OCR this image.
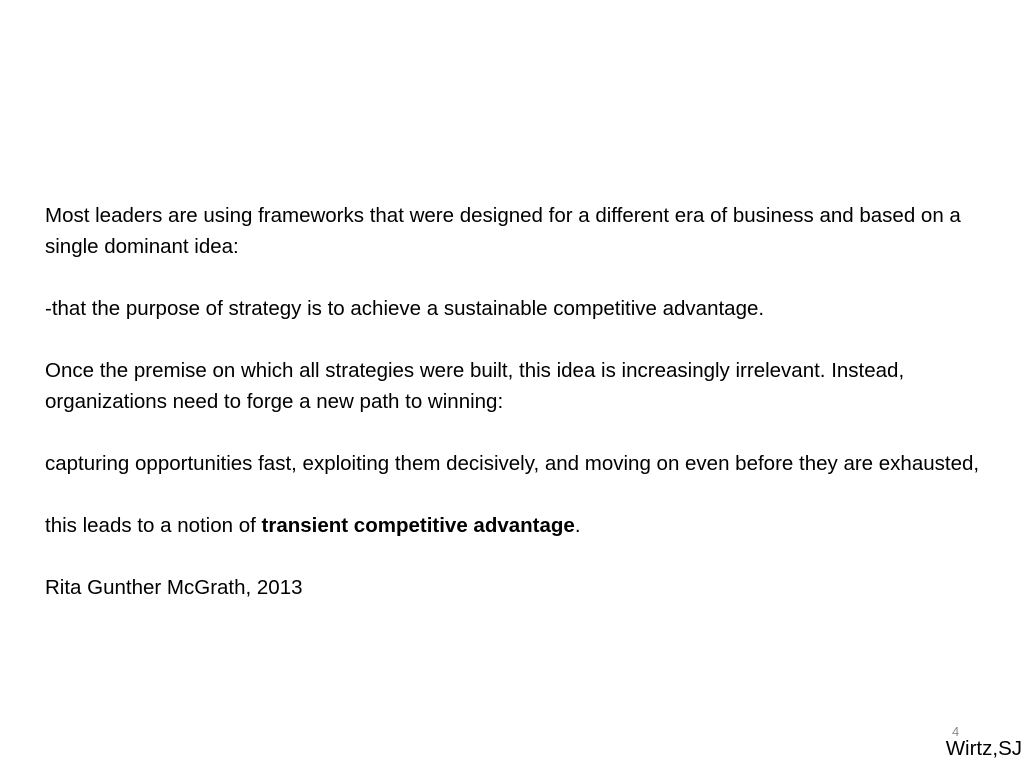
Most leaders are using frameworks that were designed for a different era of business and based on a single dominant idea:

-that the purpose of strategy is to achieve a sustainable competitive advantage.

Once the premise on which all strategies were built, this idea is increasingly irrelevant. Instead, organizations need to forge a new path to winning:

capturing opportunities fast, exploiting them decisively, and moving on even before they are exhausted,

this leads to a notion of transient competitive advantage.

Rita Gunther McGrath, 2013

4
Wirtz,SJ
